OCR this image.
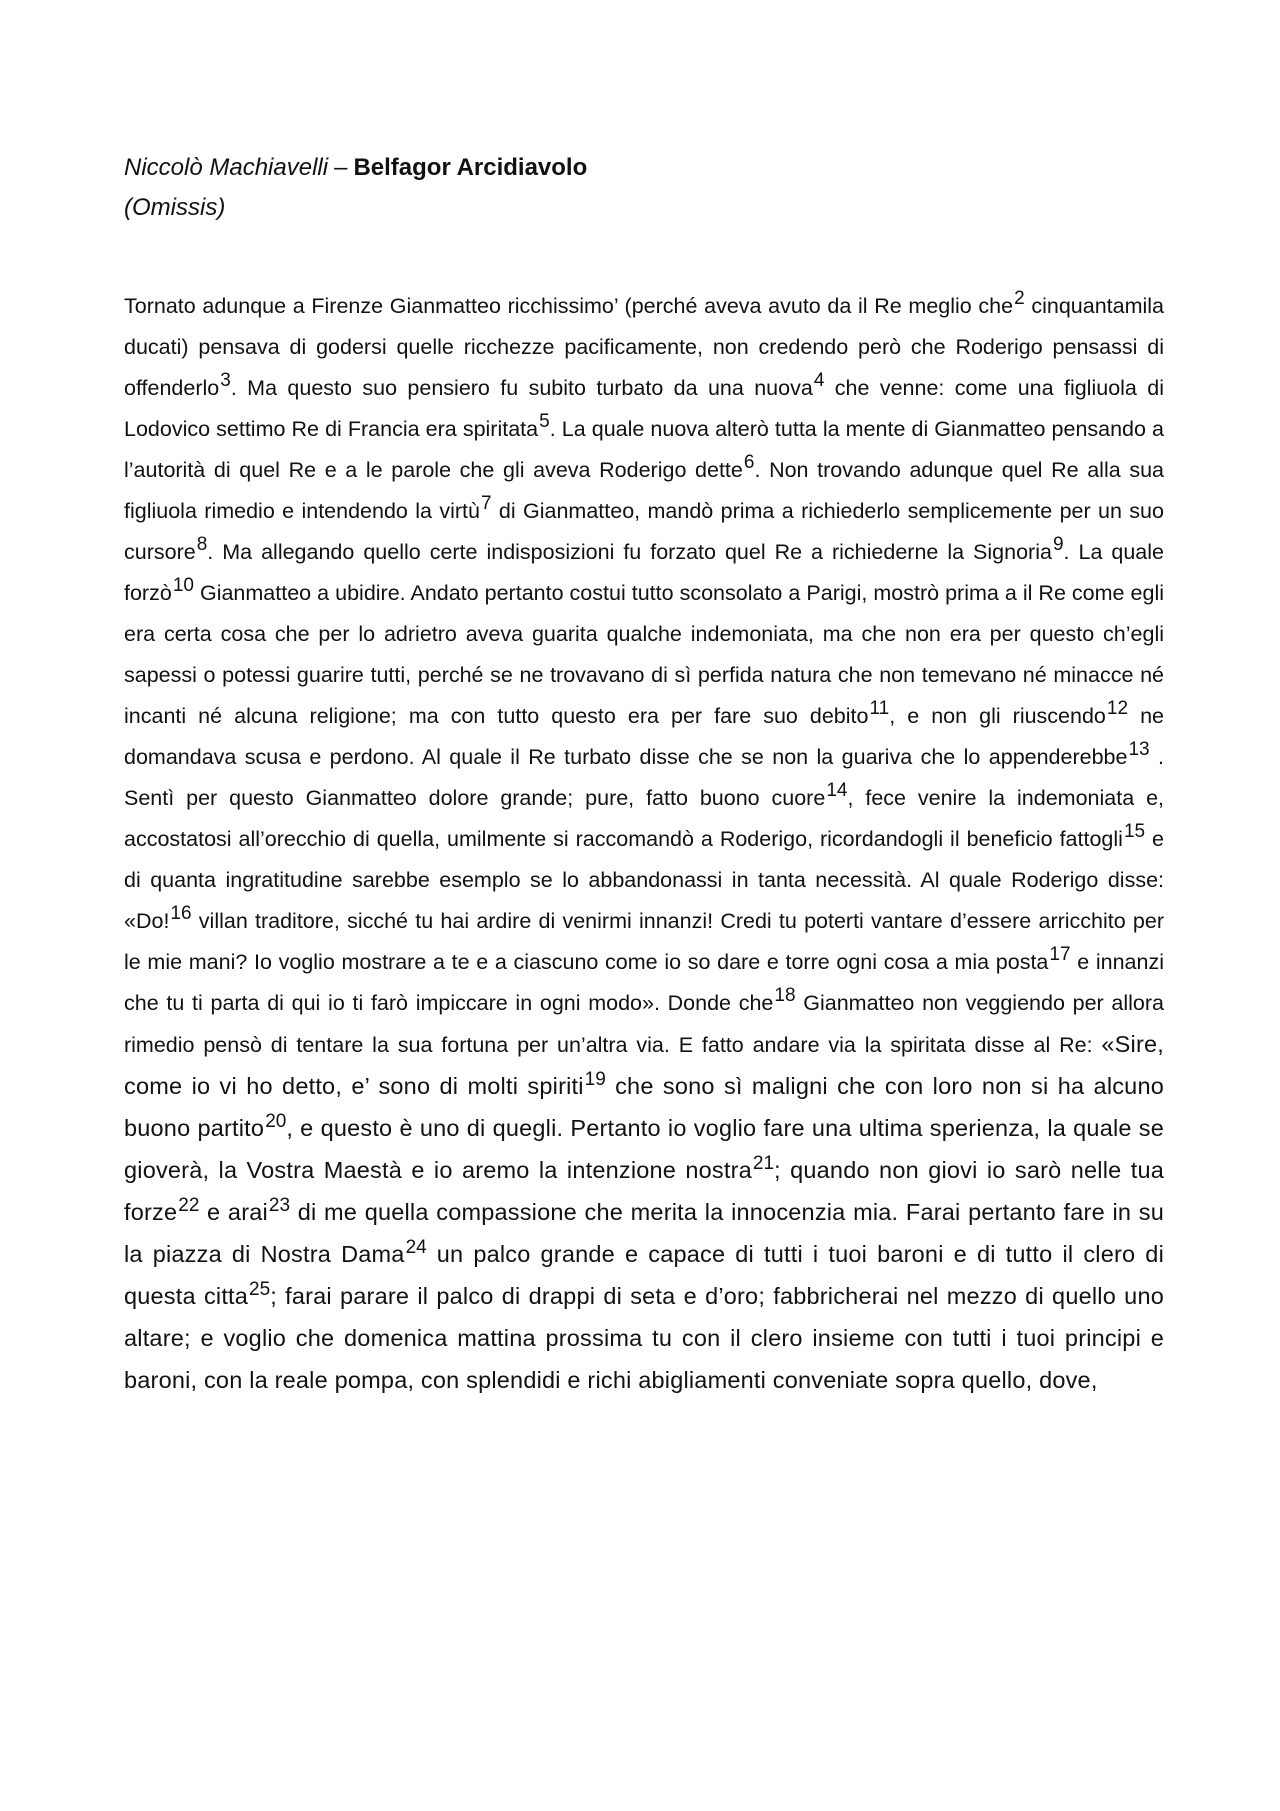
Niccolò Machiavelli – Belfagor Arcidiavolo
(Omissis)

Tornato adunque a Firenze Gianmatteo ricchissimo’ (perché aveva avuto da il Re meglio che$^2$ cinquantamila ducati) pensava di godersi quelle ricchezze pacificamente, non credendo però che Roderigo pensassi di offenderlo$^3$. Ma questo suo pensiero fu subito turbato da una nuova$^4$ che venne: come una figliuola di Lodovico settimo Re di Francia era spiritata$^5$. La quale nuova alterò tutta la mente di Gianmatteo pensando a l’autorità di quel Re e a le parole che gli aveva Roderigo dette$^6$. Non trovando adunque quel Re alla sua figliuola rimedio e intendendo la virtù$^7$ di Gianmatteo, mandò prima a richiederlo semplicemente per un suo cursore$^8$. Ma allegando quello certe indisposizioni fu forzato quel Re a richiederne la Signoria$^9$. La quale forzò$^{10}$ Gianmatteo a ubidire. Andato pertanto costui tutto sconsolato a Parigi, mostrò prima a il Re come egli era certa cosa che per lo adrietro aveva guarita qualche indemoniata, ma che non era per questo ch’egli sapessi o potessi guarire tutti, perché se ne trovavano di sì perfida natura che non temevano né minacce né incanti né alcuna religione; ma con tutto questo era per fare suo debito$^{11}$, e non gli riuscendo$^{12}$ ne domandava scusa e perdono. Al quale il Re turbato disse che se non la guariva che lo appenderebbe$^{13}$ . Sentì per questo Gianmatteo dolore grande; pure, fatto buono cuore$^{14}$, fece venire la indemoniata e, accostatosi all’orecchio di quella, umilmente si raccomandò a Roderigo, ricordandogli il beneficio fattogli$^{15}$ e di quanta ingratitudine sarebbe esemplo se lo abbandonassi in tanta necessità. Al quale Roderigo disse: «Do!$^{16}$ villan traditore, sicché tu hai ardire di venirmi innanzi! Credi tu poterti vantare d’essere arricchito per le mie mani? Io voglio mostrare a te e a ciascuno come io so dare e torre ogni cosa a mia posta$^{17}$ e innanzi che tu ti parta di qui io ti farò impiccare in ogni modo». Donde che$^{18}$ Gianmatteo non veggiendo per allora rimedio pensò di tentare la sua fortuna per un’altra via. E fatto andare via la spiritata disse al Re: «Sire, come io vi ho detto, e’ sono di molti spiriti$^{19}$ che sono sì maligni che con loro non si ha alcuno buono partito$^{20}$, e questo è uno di quegli. Pertanto io voglio fare una ultima sperienza, la quale se gioverà, la Vostra Maestà e io aremo la intenzione nostra$^{21}$; quando non giovi io sarò nelle tua forze$^{22}$ e arai$^{23}$ di me quella compassione che merita la innocenzia mia. Farai pertanto fare in su la piazza di Nostra Dama$^{24}$ un palco grande e capace di tutti i tuoi baroni e di tutto il clero di questa citta$^{25}$; farai parare il palco di drappi di seta e d’oro; fabbricherai nel mezzo di quello uno altare; e voglio che domenica mattina prossima tu con il clero insieme con tutti i tuoi principi e baroni, con la reale pompa, con splendidi e richi abigliamenti conveniate sopra quello, dove,
